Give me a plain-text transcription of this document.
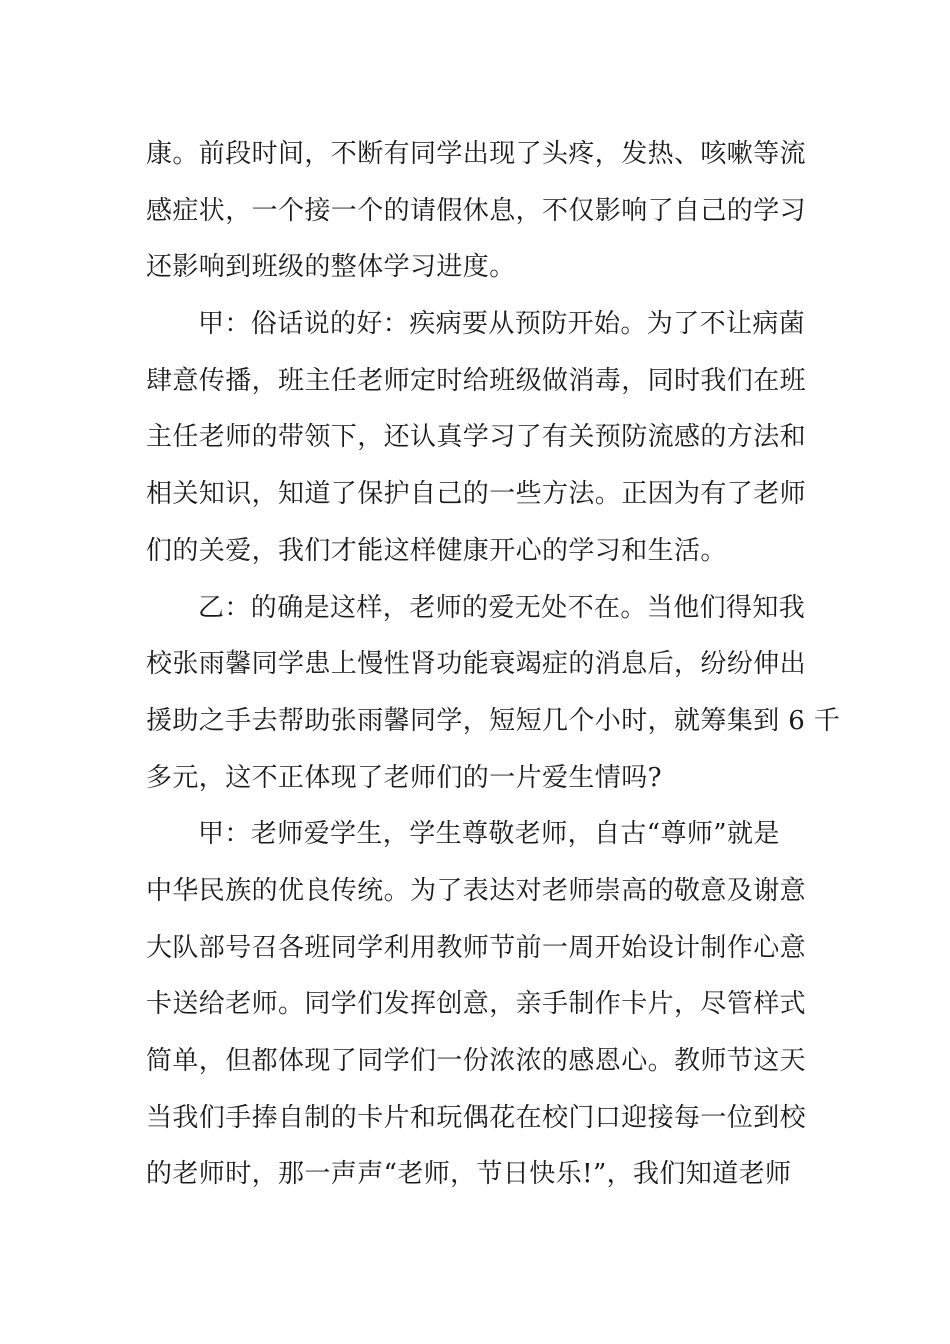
康。前段时间，不断有同学出现了头疼，发热、咳嗽等流
感症状，一个接一个的请假休息，不仅影响了自己的学习
还影响到班级的整体学习进度。
甲：俗话说的好：疾病要从预防开始。为了不让病菌
肆意传播，班主任老师定时给班级做消毒，同时我们在班
主任老师的带领下，还认真学习了有关预防流感的方法和
相关知识，知道了保护自己的一些方法。正因为有了老师
们的关爱，我们才能这样健康开心的学习和生活。
乙：的确是这样，老师的爱无处不在。当他们得知我
校张雨馨同学患上慢性肾功能衰竭症的消息后，纷纷伸出
援助之手去帮助张雨馨同学，短短几个小时，就筹集到 6 千
多元，这不正体现了老师们的一片爱生情吗?
甲：老师爱学生，学生尊敬老师，自古“尊师”就是
中华民族的优良传统。为了表达对老师崇高的敬意及谢意
大队部号召各班同学利用教师节前一周开始设计制作心意
卡送给老师。同学们发挥创意，亲手制作卡片，尽管样式
简单，但都体现了同学们一份浓浓的感恩心。教师节这天
当我们手捧自制的卡片和玩偶花在校门口迎接每一位到校
的老师时，那一声声“老师，节日快乐!”，我们知道老师
